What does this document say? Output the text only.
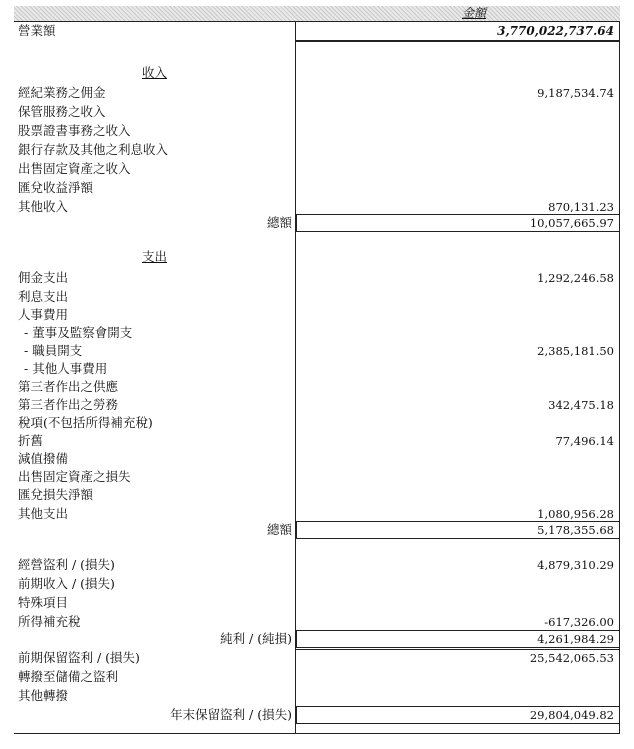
金額
營業額	3,770,022,737.64
收入
經紀業務之佣金	9,187,534.74
保管服務之收入
股票證書事務之收入
銀行存款及其他之利息收入
出售固定資產之收入
匯兌收益淨額
其他收入	870,131.23
總額	10,057,665.97
支出
佣金支出	1,292,246.58
利息支出
人事費用
- 董事及監察會開支
- 職員開支	2,385,181.50
- 其他人事費用
第三者作出之供應
第三者作出之勞務	342,475.18
稅項(不包括所得補充稅)
折舊	77,496.14
減值撥備
出售固定資產之損失
匯兌損失淨額
其他支出	1,080,956.28
總額	5,178,355.68
經營盜利 / (損失)	4,879,310.29
前期收入 / (損失)
特殊項目
所得補充稅	-617,326.00
純利 / (純損)	4,261,984.29
前期保留盜利 / (損失)	25,542,065.53
轉撥至儲備之盜利
其他轉撥
年末保留盜利 / (損失)	29,804,049.82
